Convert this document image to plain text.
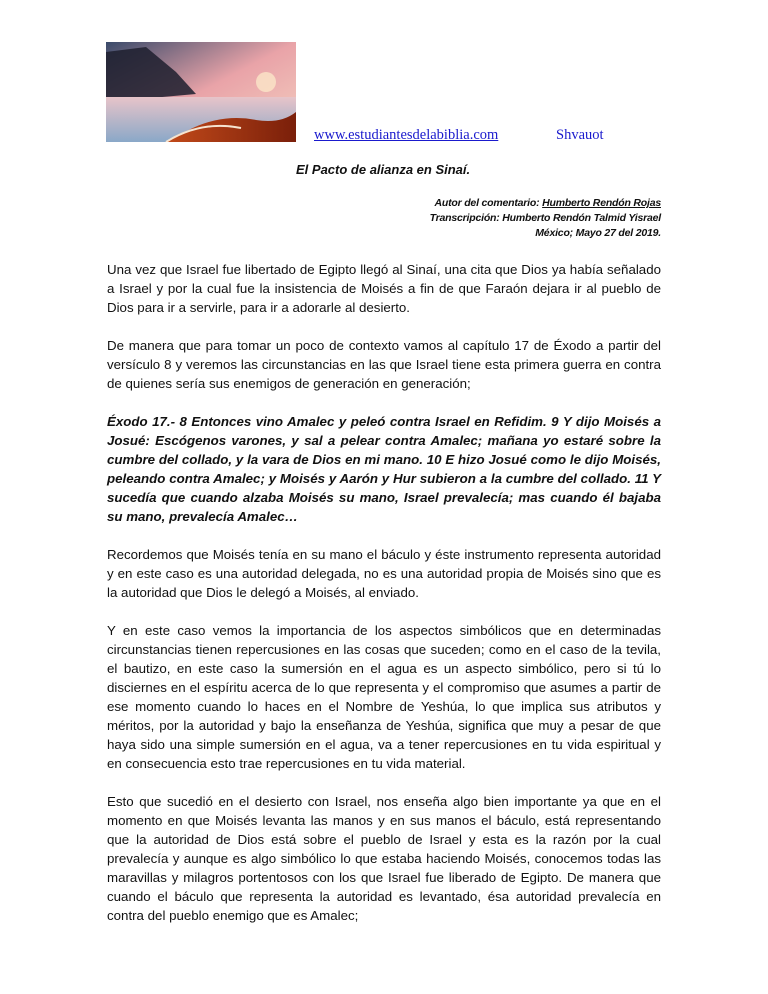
www.estudiantesdelabiblia.com	Shvauot
El Pacto de alianza en Sinaí.
Autor del comentario: Humberto Rendón Rojas
Transcripción: Humberto Rendón Talmid Yisrael
México; Mayo 27 del 2019.

Una vez que Israel fue libertado de Egipto llegó al Sinaí, una cita que Dios ya había señalado a Israel y por la cual fue la insistencia de Moisés a fin de que Faraón dejara ir al pueblo de Dios para ir a servirle, para ir a adorarle al desierto.

De manera que para tomar un poco de contexto vamos al capítulo 17 de Éxodo a partir del versículo 8 y veremos las circunstancias en las que Israel tiene esta primera guerra en contra de quienes sería sus enemigos de generación en generación;

Éxodo 17.- 8 Entonces vino Amalec y peleó contra Israel en Refidim. 9 Y dijo Moisés a Josué: Escógenos varones, y sal a pelear contra Amalec; mañana yo estaré sobre la cumbre del collado, y la vara de Dios en mi mano. 10 E hizo Josué como le dijo Moisés, peleando contra Amalec; y Moisés y Aarón y Hur subieron a la cumbre del collado. 11 Y sucedía que cuando alzaba Moisés su mano, Israel prevalecía; mas cuando él bajaba su mano, prevalecía Amalec…

Recordemos que Moisés tenía en su mano el báculo y éste instrumento representa autoridad y en este caso es una autoridad delegada, no es una autoridad propia de Moisés sino que es la autoridad que Dios le delegó a Moisés, al enviado.

Y en este caso vemos la importancia de los aspectos simbólicos que en determinadas circunstancias tienen repercusiones en las cosas que suceden; como en el caso de la tevila, el bautizo, en este caso la sumersión en el agua es un aspecto simbólico, pero si tú lo disciernes en el espíritu acerca de lo que representa y el compromiso que asumes a partir de ese momento cuando lo haces en el Nombre de Yeshúa, lo que implica sus atributos y méritos, por la autoridad y bajo la enseñanza de Yeshúa, significa que muy a pesar de que haya sido una simple sumersión en el agua, va a tener repercusiones en tu vida espiritual y en consecuencia esto trae repercusiones en tu vida material.

Esto que sucedió en el desierto con Israel, nos enseña algo bien importante ya que en el momento en que Moisés levanta las manos y en sus manos el báculo, está representando que la autoridad de Dios está sobre el pueblo de Israel y esta es la razón por la cual prevalecía y aunque es algo simbólico lo que estaba haciendo Moisés, conocemos todas las maravillas y milagros portentosos con los que Israel fue liberado de Egipto. De manera que cuando el báculo que representa la autoridad es levantado, ésa autoridad prevalecía en contra del pueblo enemigo que es Amalec;
